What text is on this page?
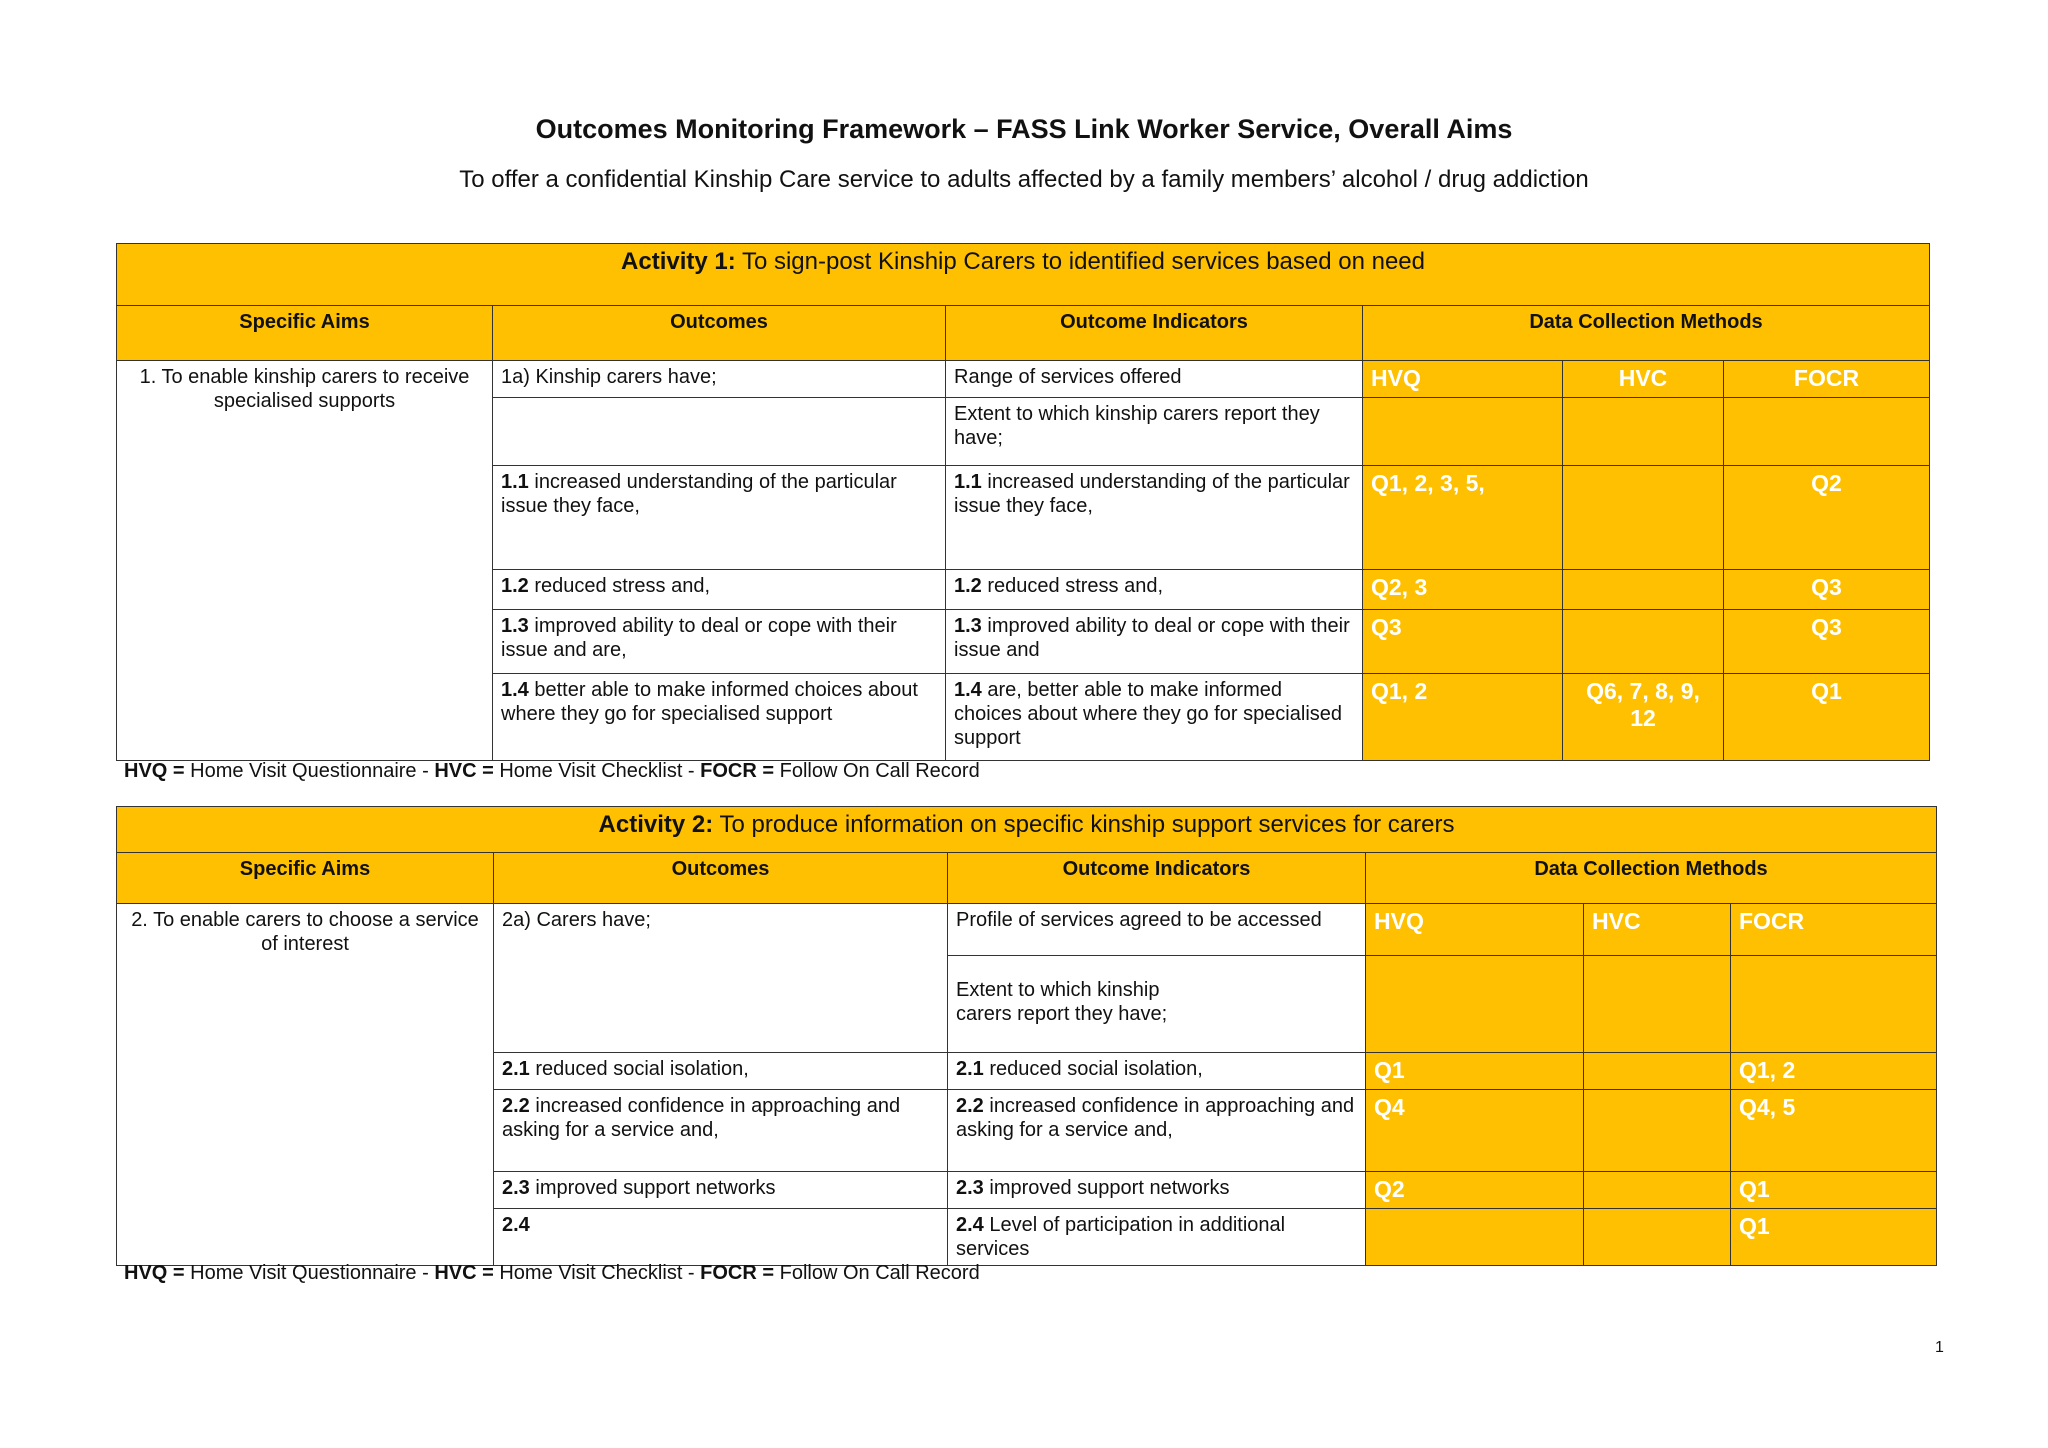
Outcomes Monitoring Framework – FASS Link Worker Service, Overall Aims
To offer a confidential Kinship Care service to adults affected by a family members’ alcohol / drug addiction
Activity 1: To sign-post Kinship Carers to identified services based on need					
Specific Aims	Outcomes	Outcome Indicators	Data Collection Methods		
1. To enable kinship carers to receive specialised supports	1a) Kinship carers have;	Range of services offered	HVQ	HVC	FOCR
		Extent to which kinship carers report they have;			
	1.1 increased understanding of the particular issue they face,	1.1 increased understanding of the particular issue they face,	Q1, 2, 3, 5,		Q2
	1.2 reduced stress and,	1.2 reduced stress and,	Q2, 3		Q3
	1.3 improved ability to deal or cope with their issue and are,	1.3 improved ability to deal or cope with their issue and	Q3		Q3
	1.4 better able to make informed choices about where they go for specialised support	1.4 are, better able to make informed choices about where they go for specialised support	Q1, 2	Q6, 7, 8, 9, 12	Q1
HVQ = Home Visit Questionnaire - HVC = Home Visit Checklist - FOCR = Follow On Call Record
Activity 2: To produce information on specific kinship support services for carers					
Specific Aims	Outcomes	Outcome Indicators	Data Collection Methods		
2. To enable carers to choose a service of interest	2a) Carers have;	Profile of services agreed to be accessed	HVQ	HVC	FOCR

		Extent to which kinship carers report they have;			

	2.1 reduced social isolation,	2.1 reduced social isolation,	Q1		Q1, 2
	2.2 increased confidence in approaching and asking for a service and,	2.2 increased confidence in approaching and asking for a service and,	Q4		Q4, 5
	2.3 improved support networks	2.3 improved support networks	Q2		Q1
	2.4	2.4 Level of participation in additional services			Q1
HVQ = Home Visit Questionnaire - HVC = Home Visit Checklist - FOCR = Follow On Call Record
1
